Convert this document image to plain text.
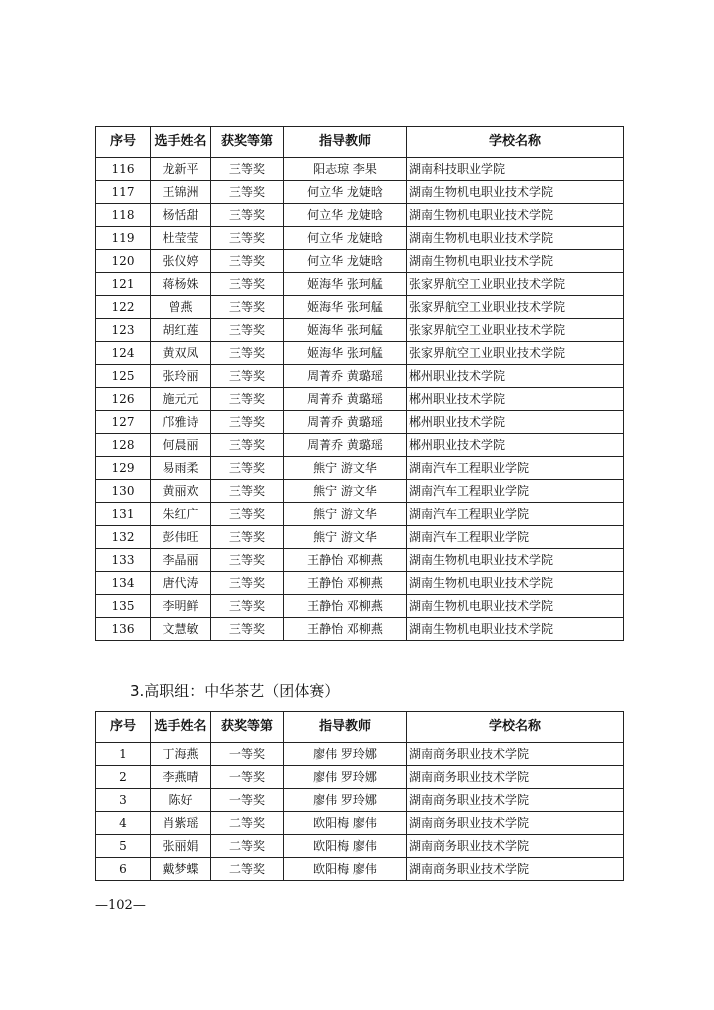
序号	选手姓名	获奖等第	指导教师	学校名称
116	龙新平	三等奖	阳志琼 李果	湖南科技职业学院
117	王锦洲	三等奖	何立华 龙婕晗	湖南生物机电职业技术学院
118	杨恬甜	三等奖	何立华 龙婕晗	湖南生物机电职业技术学院
119	杜莹莹	三等奖	何立华 龙婕晗	湖南生物机电职业技术学院
120	张仪婷	三等奖	何立华 龙婕晗	湖南生物机电职业技术学院
121	蒋杨姝	三等奖	姬海华 张珂艋	张家界航空工业职业技术学院
122	曾燕	三等奖	姬海华 张珂艋	张家界航空工业职业技术学院
123	胡红莲	三等奖	姬海华 张珂艋	张家界航空工业职业技术学院
124	黄双凤	三等奖	姬海华 张珂艋	张家界航空工业职业技术学院
125	张玲丽	三等奖	周菁乔 黄璐瑶	郴州职业技术学院
126	施元元	三等奖	周菁乔 黄璐瑶	郴州职业技术学院
127	邝雅诗	三等奖	周菁乔 黄璐瑶	郴州职业技术学院
128	何晨丽	三等奖	周菁乔 黄璐瑶	郴州职业技术学院
129	易雨柔	三等奖	熊宁 游文华	湖南汽车工程职业学院
130	黄丽欢	三等奖	熊宁 游文华	湖南汽车工程职业学院
131	朱红广	三等奖	熊宁 游文华	湖南汽车工程职业学院
132	彭伟旺	三等奖	熊宁 游文华	湖南汽车工程职业学院
133	李晶丽	三等奖	王静怡 邓柳燕	湖南生物机电职业技术学院
134	唐代涛	三等奖	王静怡 邓柳燕	湖南生物机电职业技术学院
135	李明鲜	三等奖	王静怡 邓柳燕	湖南生物机电职业技术学院
136	文慧敏	三等奖	王静怡 邓柳燕	湖南生物机电职业技术学院
3.高职组：中华茶艺（团体赛）
序号	选手姓名	获奖等第	指导教师	学校名称
1	丁海燕	一等奖	廖伟 罗玲娜	湖南商务职业技术学院
2	李燕晴	一等奖	廖伟 罗玲娜	湖南商务职业技术学院
3	陈好	一等奖	廖伟 罗玲娜	湖南商务职业技术学院
4	肖紫瑶	二等奖	欧阳梅 廖伟	湖南商务职业技术学院
5	张丽娟	二等奖	欧阳梅 廖伟	湖南商务职业技术学院
6	戴梦蝶	二等奖	欧阳梅 廖伟	湖南商务职业技术学院
—102—
